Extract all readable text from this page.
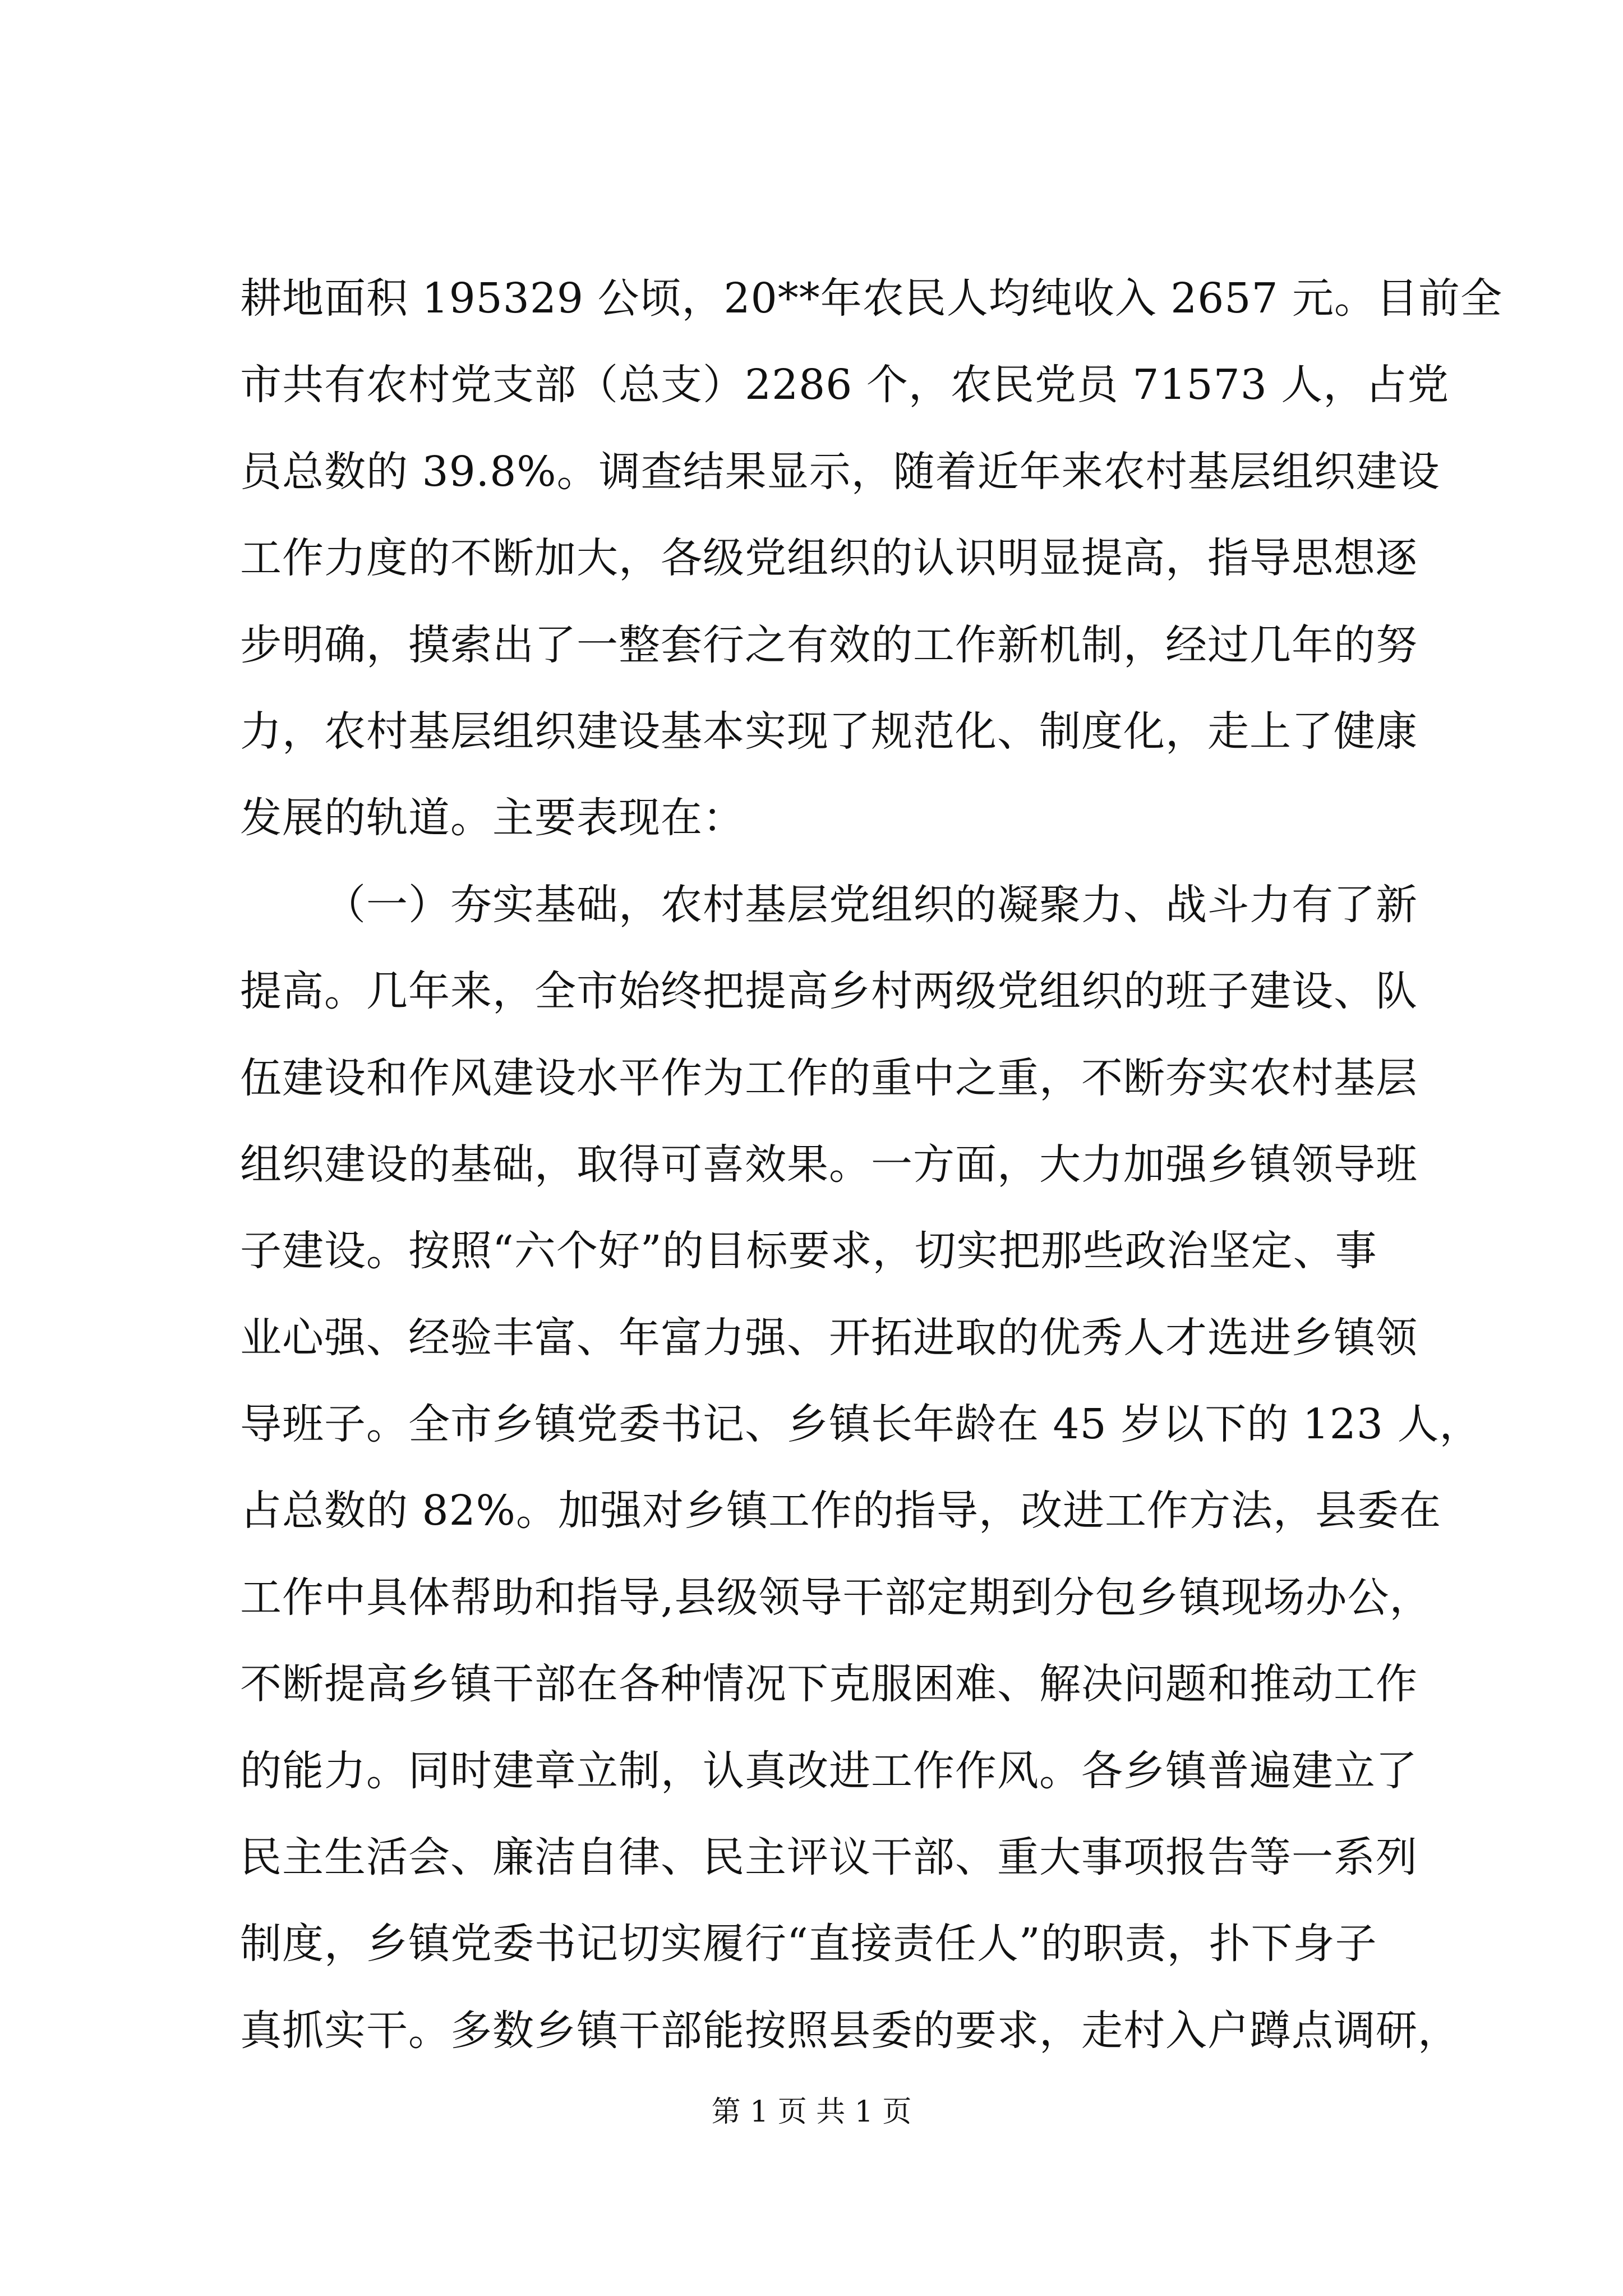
耕地面积 195329 公顷，20**年农民人均纯收入 2657 元。目前全
市共有农村党支部（总支）2286 个，农民党员 71573 人，占党
员总数的 39.8%。调查结果显示，随着近年来农村基层组织建设
工作力度的不断加大，各级党组织的认识明显提高，指导思想逐
步明确，摸索出了一整套行之有效的工作新机制，经过几年的努
力，农村基层组织建设基本实现了规范化、制度化，走上了健康
发展的轨道。主要表现在：
（一）夯实基础，农村基层党组织的凝聚力、战斗力有了新
提高。几年来，全市始终把提高乡村两级党组织的班子建设、队
伍建设和作风建设水平作为工作的重中之重，不断夯实农村基层
组织建设的基础，取得可喜效果。一方面，大力加强乡镇领导班
子建设。按照“六个好”的目标要求，切实把那些政治坚定、事
业心强、经验丰富、年富力强、开拓进取的优秀人才选进乡镇领
导班子。全市乡镇党委书记、乡镇长年龄在 45 岁以下的 123 人，
占总数的 82%。加强对乡镇工作的指导，改进工作方法，县委在
工作中具体帮助和指导,县级领导干部定期到分包乡镇现场办公，
不断提高乡镇干部在各种情况下克服困难、解决问题和推动工作
的能力。同时建章立制，认真改进工作作风。各乡镇普遍建立了
民主生活会、廉洁自律、民主评议干部、重大事项报告等一系列
制度，乡镇党委书记切实履行“直接责任人”的职责，扑下身子
真抓实干。多数乡镇干部能按照县委的要求，走村入户蹲点调研，
第 1 页 共 1 页
